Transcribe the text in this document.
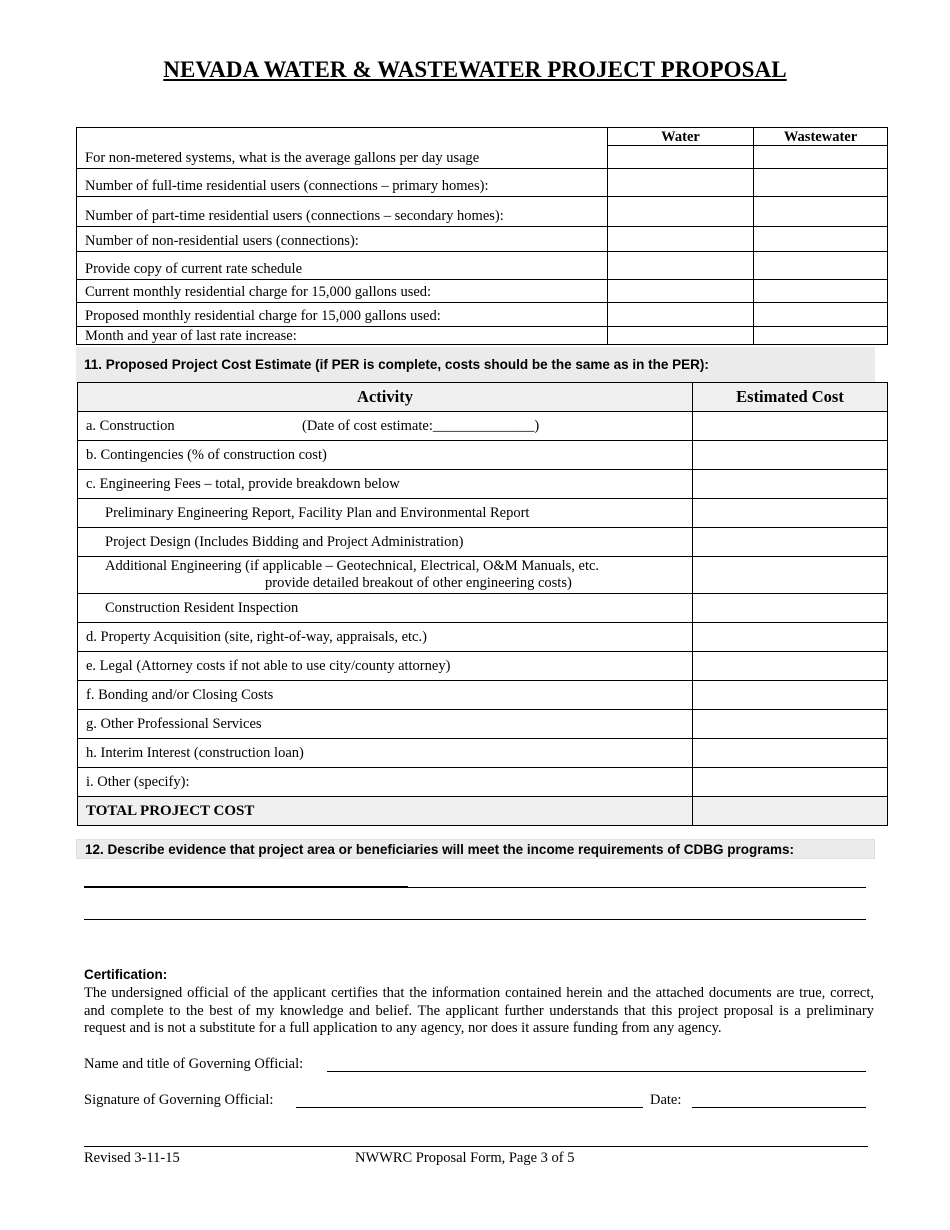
NEVADA WATER & WASTEWATER PROJECT PROPOSAL
	Water	Wastewater
For non-metered systems, what is the average gallons per day usage		
Number of full-time residential users (connections – primary homes):		
Number of part-time residential users (connections – secondary homes):		
Number of non-residential users (connections):		
Provide copy of current rate schedule		
Current monthly residential charge for 15,000 gallons used:		
Proposed monthly residential charge for 15,000 gallons used:		
Month and year of last rate increase:		
11. Proposed Project Cost Estimate (if PER is complete, costs should be the same as in the PER):
Activity	Estimated Cost
a. Construction (Date of cost estimate:______________)	
b. Contingencies (% of construction cost)	
c. Engineering Fees – total, provide breakdown below	
Preliminary Engineering Report, Facility Plan and Environmental Report	
Project Design (Includes Bidding and Project Administration)	
Additional Engineering (if applicable – Geotechnical, Electrical, O&M Manuals, etc.
provide detailed breakout of other engineering costs)	

Construction Resident Inspection	
d. Property Acquisition (site, right-of-way, appraisals, etc.)	
e. Legal (Attorney costs if not able to use city/county attorney)	
f. Bonding and/or Closing Costs	
g. Other Professional Services	
h. Interim Interest (construction loan)	
i. Other (specify):	
TOTAL PROJECT COST	
12. Describe evidence that project area or beneficiaries will meet the income requirements of CDBG programs:
Certification:
The undersigned official of the applicant certifies that the information contained herein and the attached documents are true, correct, and complete to the best of my knowledge and belief. The applicant further understands that this project proposal is a preliminary request and is not a substitute for a full application to any agency, nor does it assure funding from any agency.
Name and title of Governing Official:
Signature of Governing Official:	Date:
Revised 3-11-15	NWWRC Proposal Form, Page 3 of 5
